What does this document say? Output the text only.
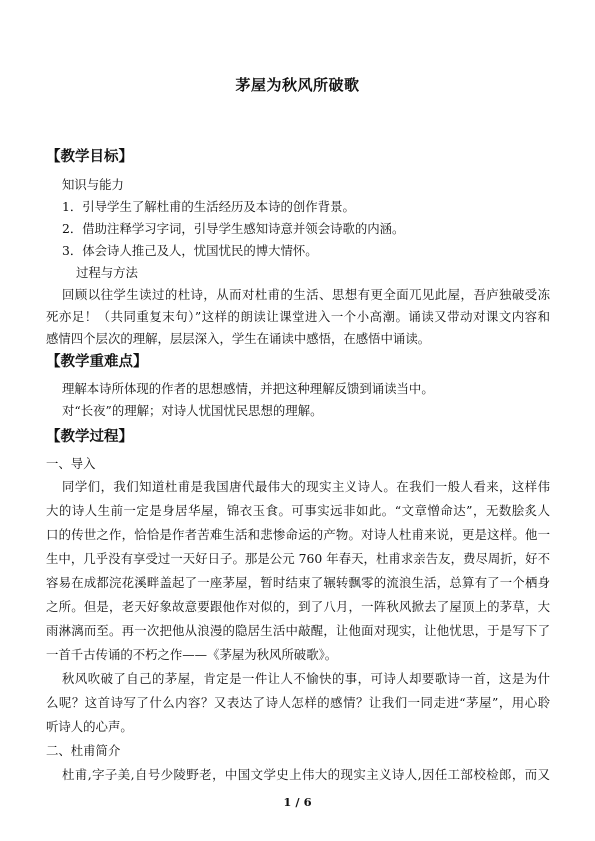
茅屋为秋风所破歌
【教学目标】
知识与能力
1．引导学生了解杜甫的生活经历及本诗的创作背景。
2．借助注释学习字词，引导学生感知诗意并领会诗歌的内涵。
3．体会诗人推己及人，忧国忧民的博大情怀。
过程与方法
回顾以往学生读过的杜诗，从而对杜甫的生活、思想有更全面兀见此屋，吾庐独破受冻
死亦足！（共同重复末句）”这样的朗读让课堂进入一个小高潮。诵读又带动对课文内容和
感情四个层次的理解，层层深入，学生在诵读中感悟，在感悟中诵读。
【教学重难点】
理解本诗所体现的作者的思想感情，并把这种理解反馈到诵读当中。
对“长夜”的理解；对诗人忧国忧民思想的理解。
【教学过程】
一、导入
同学们，我们知道杜甫是我国唐代最伟大的现实主义诗人。在我们一般人看来，这样伟
大的诗人生前一定是身居华屋，锦衣玉食。可事实远非如此。“文章憎命达”，无数脍炙人
口的传世之作，恰恰是作者苦难生活和悲惨命运的产物。对诗人杜甫来说，更是这样。他一
生中，几乎没有享受过一天好日子。那是公元 760 年春天，杜甫求亲告友，费尽周折，好不
容易在成都浣花溪畔盖起了一座茅屋，暂时结束了辗转飘零的流浪生活，总算有了一个栖身
之所。但是，老天好象故意要跟他作对似的，到了八月，一阵秋风掀去了屋顶上的茅草，大
雨淋漓而至。再一次把他从浪漫的隐居生活中敲醒，让他面对现实，让他忧思，于是写下了
一首千古传诵的不朽之作——《茅屋为秋风所破歌》。
秋风吹破了自己的茅屋，肯定是一件让人不愉快的事，可诗人却要歌诗一首，这是为什
么呢？这首诗写了什么内容？又表达了诗人怎样的感情？让我们一同走进“茅屋”，用心聆
听诗人的心声。
二、杜甫简介
杜甫,字子美,自号少陵野老，中国文学史上伟大的现实主义诗人,因任工部校检郎，而又
1 / 6
